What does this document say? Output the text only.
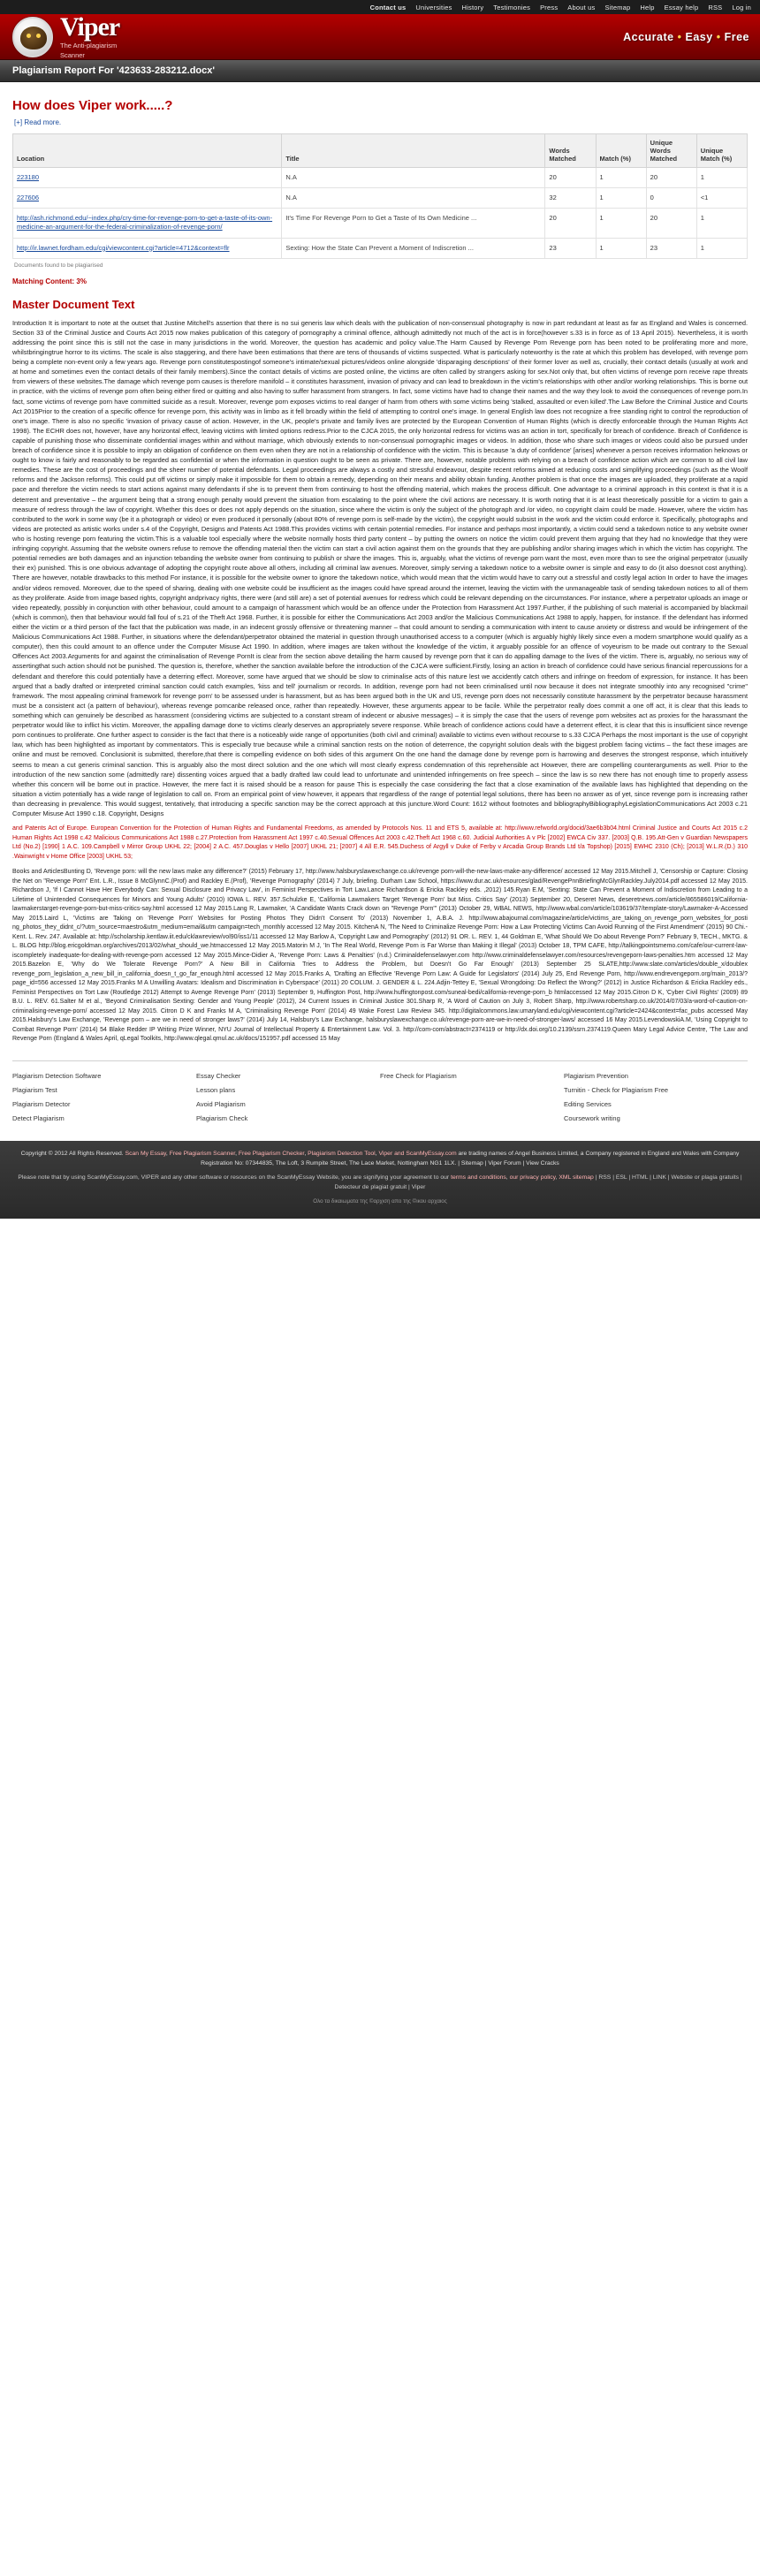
Contact us Universities History Testimonies Press About us Sitemap Help Essay help RSS Log in
Viper
The Anti-plagiarism
Scanner
Accurate • Easy • Free
Plagiarism Report For '423633-283212.docx'
How does Viper work.....?
[+] Read more.
Location	Title	Words Matched	Match (%)	Unique Words Matched	Unique Match (%)
223180	N.A	20	1	20	1
227606	N.A	32	1	0	<1
http://ash.richmond.edu/~index.php/cry-time-for-revenge-porn-to-get-a-taste-of-its-own-medicine-an-argument-for-the-federal-criminalization-of-revenge-porn/	It's Time For Revenge Porn to Get a Taste of Its Own Medicine ...	20	1	20	1
http://ir.lawnet.fordham.edu/cgi/viewcontent.cgi?article=4712&context=flr	Sexting: How the State Can Prevent a Moment of Indiscretion ...	23	1	23	1
Documents found to be plagiarised
Matching Content: 3%
Master Document Text

Introduction It is important to note at the outset that Justine Mitchell's assertion that there is no sui generis law which deals with the publication of non-consensual photography is now in part redundant at least as far as England and Wales is concerned. Section 33 of the Criminal Justice and Courts Act 2015 now makes publication of this category of pornography a criminal offence, although admittedly not much of the act is in force(however s.33 is in force as of 13 April 2015). Nevertheless, it is worth addressing the point since this is still not the case in many jurisdictions in the world. Moreover, the question has academic and policy value.The Harm Caused by Revenge Porn Revenge porn has been noted to be proliferating more and more, whilstbringingtrue horror to its victims. The scale is also staggering, and there have been estimations that there are tens of thousands of victims suspected. What is particularly noteworthy is the rate at which this problem has developed, with revenge porn being a complete non-event only a few years ago. Revenge porn constitutespostingof someone's intimate/sexual pictures/videos online alongside 'disparaging descriptions' of their former lover as well as, crucially, their contact details (usually at work and at home and sometimes even the contact details of their family members).Since the contact details of victims are posted online, the victims are often called by strangers asking for sex.Not only that, but often victims of revenge porn receive rape threats from viewers of these websites.The damage which revenge porn causes is therefore manifold – it constitutes harassment, invasion of privacy and can lead to breakdown in the victim's relationships with other and/or working relationships. This is borne out in practice, with the victims of revenge porn often being either fired or quitting and also having to suffer harassment from strangers. In fact, some victims have had to change their names and the way they look to avoid the consequences of revenge porn.In fact, some victims of revenge porn have committed suicide as a result. Moreover, revenge porn exposes victims to real danger of harm from others with some victims being 'stalked, assaulted or even killed'.The Law Before the Criminal Justice and Courts Act 2015Prior to the creation of a specific offence for revenge porn, this activity was in limbo as it fell broadly within the field of attempting to control one's image. In general English law does not recognize a free standing right to control the reproduction of one's image. There is also no specific 'invasion of privacy cause of action. However, in the UK, people's private and family lives are protected by the European Convention of Human Rights (which is directly enforceable through the Human Rights Act 1998). The ECHR does not, however, have any horizontal effect, leaving victims with limited options redress.Prior to the CJCA 2015, the only horizontal redress for victims was an action in tort, specifically for breach of confidence. Breach of Confidence is capable of punishing those who disseminate confidential images within and without marriage, which obviously extends to non-consensual pornographic images or videos. In addition, those who share such images or videos could also be pursued under breach of confidence since it is possible to imply an obligation of confidence on them even when they are not in a relationship of confidence with the victim. This is because 'a duty of confidence' [arises] whenever a person receives information heknows or ought to know is fairly and reasonably to be regarded as confidential or when the information in question ought to be seen as private. There are, however, notable problems with relying on a breach of confidence action which are common to all civil law remedies. These are the cost of proceedings and the sheer number of potential defendants. Legal proceedings are always a costly and stressful endeavour, despite recent reforms aimed at reducing costs and simplifying proceedings (such as the Woolf reforms and the Jackson reforms). This could put off victims or simply make it impossible for them to obtain a remedy, depending on their means and ability obtain funding. Another problem is that once the images are uploaded, they proliferate at a rapid pace and therefore the victim needs to start actions against many defendants if she is to prevent them from continuing to host the offending material, which makes the process difficult. One advantage to a criminal approach in this context is that it is a deterrent and preventative – the argument being that a strong enough penalty would prevent the situation from escalating to the point where the civil actions are necessary. It is worth noting that it is at least theoretically possible for a victim to gain a measure of redress through the law of copyright. Whether this does or does not apply depends on the situation, since where the victim is only the subject of the photograph and /or video, no copyright claim could be made. However, where the victim has contributed to the work in some way (be it a photograph or video) or even produced it personally (about 80% of revenge porn is self-made by the victim), the copyright would subsist in the work and the victim could enforce it. Specifically, photographs and videos are protected as artistic works under s.4 of the Copyright, Designs and Patents Act 1988.This provides victims with certain potential remedies. For instance and perhaps most importantly, a victim could send a takedown notice to any website owner who is hosting revenge porn featuring the victim.This is a valuable tool especially where the website normally hosts third party content – by putting the owners on notice the victim could prevent them arguing that they had no knowledge that they were infringing copyright. Assuming that the website owners refuse to remove the offending material then the victim can start a civil action against them on the grounds that they are publishing and/or sharing images which in which the victim has copyright. The potential remedies are both damages and an injunction tebanding the website owner from continuing to publish or share the images. This is, arguably, what the victims of revenge porn want the most, even more than to see the original perpetrator (usually their ex) punished. This is one obvious advantage of adopting the copyright route above all others, including all criminal law avenues. Moreover, simply serving a takedown notice to a website owner is simple and easy to do (it also doesnot cost anything). There are however, notable drawbacks to this method For instance, it is possible for the website owner to ignore the takedown notice, which would mean that the victim would have to carry out a stressful and costly legal action In order to have the images and/or videos removed. Moreover, due to the speed of sharing, dealing with one website could be insufficient as the images could have spread around the internet, leaving the victim with the unmanageable task of sending takedown notices to all of them as they proliferate. Aside from image based rights, copyright andprivacy rights, there were (and still are) a set of potential avenues for redress which could be relevant depending on the circumstances. For instance, where a perpetrator uploads an image or video repeatedly, possibly in conjunction with other behaviour, could amount to a campaign of harassment which would be an offence under the Protection from Harassment Act 1997.Further, if the publishing of such material is accompanied by blackmail (which is common), then that behaviour would fall foul of s.21 of the Theft Act 1968. Further, it is possible for either the Communications Act 2003 and/or the Malicious Communications Act 1988 to apply, happen, for instance. If the defendant has informed either the victim or a third person of the fact that the publication was made, in an indecent grossly offensive or threatening manner – that could amount to sending a communication with intent to cause anxiety or distress and would be infringement of the Malicious Communications Act 1988. Further, in situations where the defendant/perpetrator obtained the material in question through unauthorised access to a computer (which is arguably highly likely since even a modern smartphone would qualify as a computer), then this could amount to an offence under the Computer Misuse Act 1990. In addition, where images are taken without the knowledge of the victim, it arguably possible for an offence of voyeurism to be made out contrary to the Sexual Offences Act 2003.Arguments for and against the criminalisation of Revenge PornIt is clear from the section above detailing the harm caused by revenge porn that it can do appalling damage to the lives of the victim. There is, arguably, no serious way of assertingthat such action should not be punished. The question is, therefore, whether the sanction available before the introduction of the CJCA were sufficient.Firstly, losing an action in breach of confidence could have serious financial repercussions for a defendant and therefore this could potentially have a deterring effect. Moreover, some have argued that we should be slow to criminalise acts of this nature lest we accidently catch others and infringe on freedom of expression, for instance. It has been argued that a badly drafted or interpreted criminal sanction could catch examples, 'kiss and tell' journalism or records. In addition, revenge porn had not been criminalised until now because it does not integrate smoothly into any recognised "crime" framework. The most appealing criminal framework for revenge porn' to be assessed under is harassment, but as has been argued both in the UK and US, revenge porn does not necessarily constitute harassment by the perpetrator because harassment must be a consistent act (a pattern of behaviour), whereas revenge porncanbe released once, rather than repeatedly. However, these arguments appear to be facile. While the perpetrator really does commit a one off act, it is clear that this leads to something which can genuinely be described as harassment (considering victims are subjected to a constant stream of indecent or abusive messages) – it is simply the case that the users of revenge porn websites act as proxies for the harassmant the perpetrator would like to inflict his victim. Moreover, the appalling damage done to victims clearly deserves an appropriately severe response. While breach of confidence actions could have a deterrent effect, it is clear that this is insufficient since revenge porn continues to proliferate. One further aspect to consider is the fact that there is a noticeably wide range of opportunities (both civil and criminal) available to victims even without recourse to s.33 CJCA Perhaps the most important is the use of copyright law, which has been highlighted as important by commentators. This is especially true because while a criminal sanction rests on the notion of deterrence, the copyright solution deals with the biggest problem facing victims – the fact these images are online and must be removed. Conclusionit is submitted, therefore,that there is compelling evidence on both sides of this argument On the one hand the damage done by revenge porn is harrowing and deserves the strongest response, which intuitively seems to mean a cut generis criminal sanction. This is arguably also the most direct solution and the one which will most clearly express condemnation of this reprehensible act However, there are compelling counterarguments as well. Prior to the introduction of the new sanction some (admittedly rare) dissenting voices argued that a badly drafted law could lead to unfortunate and unintended infringements on free speech – since the law is so new there has not enough time to properly assess whether this concern will be borne out in practice. However, the mere fact it is raised should be a reason for pause This is especially the case considering the fact that a close examination of the available laws has highlighted that depending on the situation a victim potentially has a wide range of legislation to call on. From an empirical point of view however, it appears that regardless of the range of potential legal solutions, there has been no answer as of yet, since revenge porn is increasing rather than decreasing in prevalence. This would suggest, tentatively, that introducing a specific sanction may be the correct approach at this juncture.Word Count: 1612 without footnotes and bibliographyBibliographyLegislationCommunications Act 2003 c.21 Computer Misuse Act 1990 c.18. Copyright, Designs

and Patents Act of Europe. European Convention for the Protection of Human Rights and Fundamental Freedoms, as amended by Protocols Nos. 11 and ETS 5, available at: http://www.refworld.org/docid/3ae6b3b04.html Criminal Justice and Courts Act 2015 c.2 Human Rights Act 1998 c.42 Malicious Communications Act 1988 c.27.Protection from Harassment Act 1997 c.40.Sexual Offences Act 2003 c.42.Theft Act 1968 c.60. Judicial Authorities A v Plc [2002] EWCA Civ 337. [2003] Q.B. 195.Att-Gen v Guardian Newspapers Ltd (No.2) [1990] 1 A.C. 109.Campbell v Mirror Group UKHL 22; [2004] 2 A.C. 457.Douglas v Hello [2007] UKHL 21; [2007] 4 All E.R. 545.Duchess of Argyll v Duke of Ferby v Arcadia Group Brands Ltd t/a Topshop) [2015] EWHC 2310 (Ch); [2013] W.L.R.(D.) 310 .Wainwright v Home Office [2003] UKHL 53;

Books and ArticlesBunting D, 'Revenge porn: will the new laws make any difference?' (2015) February 17, http://www.halsburyslawexchange.co.uk/revenge porn-will-the-new-laws-make-any-difference/ accessed 12 May 2015.Mitchell J, 'Censorship or Capture: Closing the Net on "Revenge Porn" Ent. L.R., Issue 8 McGlynnC.(Prof) and Rackley E.(Prof), 'Revenge Pornography' (2014) 7 July, briefing. Durham Law School, https://www.dur.ac.uk/resources/glad/RevengePnnBriefingMcGlynRackley.July2014.pdf accessed 12 May 2015. Richardson J, 'If I Cannot Have Her Everybody Can: Sexual Disclosure and Privacy Law', in Feminist Perspectives in Tort Law.Lance Richardson & Ericka Rackley eds. ,2012) 145.Ryan E.M, 'Sexting: State Can Prevent a Moment of Indiscretion from Leading to a Lifetime of Unintended Consequences for Minors and Young Adults' (2010) IOWA L. REV. 357.Schulzke E, 'California Lawmakers Target 'Revenge Porn' but Miss. Critics Say' (2013) September 20, Deseret News, deseretnews.com/article/865586019/California-lawmakerstarget-revenge-porn-but-miss-critics-say.html accessed 12 May 2015.Lang R, Lawmaker, 'A Candidate Wants Crack down on "Revenge Porn"' (2013) October 29, WBAL NEWS, http://www.wbal.com/article/103619/37/template-story/Lawmaker-A-Accessed May 2015.Laird L, 'Victims are Taking on 'Revenge Porn' Websites for Posting Photos They Didn't Consent To' (2013) November 1, A.B.A. J. http://www.abajournal.com/magazine/article/victims_are_taking_on_revenge_porn_websites_for_posti ng_photos_they_didnt_c/?utm_source=maestro&utm_medium=email&utm campaign=tech_monthly accessed 12 May 2015. KitchenA N, 'The Need to Criminalize Revenge Porn: How a Law Protecting Victims Can Avoid Running of the First Amendment' (2015) 90 Chi.-Kent. L. Rev. 247. Available at: http://scholarship.kentlaw.iit.edu/cklawreview/vol90/iss1/11 accessed 12 May Barlow A, 'Copyright Law and Pornography' (2012) 91 OR. L. REV. 1, 44 Goldman E, 'What Should We Do about Revenge Porn?' February 9, TECH., MKTG. & L. BLOG http://blog.ericgoldman.org/archives/2013/02/what_should_we.htmaccessed 12 May 2015.Matorin M J, 'In The Real World, Revenge Porn is Far Worse than Making it Illegal' (2013) October 18, TPM CAFE, http://talkingpointsmemo.com/cafe/our-current-law-iscompletely inadequate-for-dealing-with-revenge-porn accessed 12 May 2015.Mince-Didier A, 'Revenge Porn: Laws & Penalties' (n.d.) Criminaldefenselawyer.com http://www.criminaldefenselawyer.com/resources/revengeporn-laws-penalties.htm accessed 12 May 2015.Bazelon E, 'Why do We Tolerate Revenge Porn?' A New Bill in California Tries to Address the Problem, but Doesn't Go Far Enough' (2013) September 25 SLATE,http://www.slate.com/articles/double_x/doublex revenge_porn_legislation_a_new_bill_in_california_doesn_t_go_far_enough.html accessed 12 May 2015.Franks A, 'Drafting an Effective 'Revenge Porn Law: A Guide for Legislators' (2014) July 25, End Revenge Porn, http://www.endrevengeporn.org/main_2013/?page_id=556 accessed 12 May 2015.Franks M A Unwilling Avatars: Idealism and Discrimination in Cyberspace' (2011) 20 COLUM. J. GENDER & L. 224.Adjin-Tettey E, 'Sexual Wrongdoing: Do Reflect the Wrong?' (2012) in Justice Richardson & Ericka Rackley eds., Feminist Perspectives on Tort Law (Routledge 2012) Attempt to Avenge Revenge Porn' (2013) September 9, Huffington Post, http://www.huffingtonpost.com/suneal-bedi/california-revenge-porn_b htmlaccessed 12 May 2015.Citron D K, 'Cyber Civil Rights' (2009) 89 B.U. L. REV. 61.Salter M et al., 'Beyond Criminalisation Sexting: Gender and Young People' (2012), 24 Current Issues in Criminal Justice 301.Sharp R, 'A Word of Caution on July 3, Robert Sharp, http://www.robertsharp.co.uk/2014/07/03/a-word-of-caution-on-criminalising-revenge-porn/ accessed 12 May 2015. Citron D K and Franks M A, 'Criminalising Revenge Porn' (2014) 49 Wake Forest Law Review 345. http://digitalcommons.law.umaryland.edu/cgi/viewcontent.cgi?article=2424&context=fac_pubs accessed May 2015.Halsbury's Law Exchange, 'Revenge porn – are we in need of stronger laws?' (2014) July 14, Halsbury's Law Exchange, halsburyslawexchange.co.uk/revenge-porn-are-we-in-need-of-stronger-laws/ accessed 16 May 2015.LevendowskiA.M, 'Using Copyright to Combat Revenge Porn' (2014) 54 Blake Redder IP Writing Prize Winner, NYU Journal of Intellectual Property & Entertainment Law. Vol. 3. http://com-com/abstract=2374119 or http://dx.doi.org/10.2139/ssrn.2374119.Queen Mary Legal Advice Centre, 'The Law and Revenge Porn (England & Wales April, qLegal Toolkits, http://www.qlegal.qmul.ac.uk/docs/151957.pdf accessed 15 May

Plagiarism Detection Software
Plagiarism Test
Plagiarism Detector
Detect Plagiarism
Essay Checker
Lesson plans
Avoid Plagiarism
Plagiarism Check
Free Check for Plagiarism	Plagiarism Prevention
Turnitin - Check for Plagiarism Free
Editing Services
Coursework writing
Copyright © 2012 All Rights Reserved. Scan My Essay, Free Plagiarism Scanner, Free Plagiarism Checker, Plagiarism Detection Tool, Viper and ScanMyEssay.com are trading names of Angel Business Limited, a Company registered in England and Wales with Company Registration No: 07344835, The Loft, 3 Rumpite Street, The Lace Market, Nottingham NG1 1LX. | Sitemap | Viper Forum | View Cracks
Please note that by using ScanMyEssay.com, VIPER and any other software or resources on the ScanMyEssay Website, you are signifying your agreement to our terms and conditions, our privacy policy, XML sitemap | RSS | ESL | HTML | LINK | Website or plagia gratuits | Detecteur de plagiat gratuit | Viper
Ολο τα δικαιωματα της ©αρχιση απο της ©ικου αρχαιος
